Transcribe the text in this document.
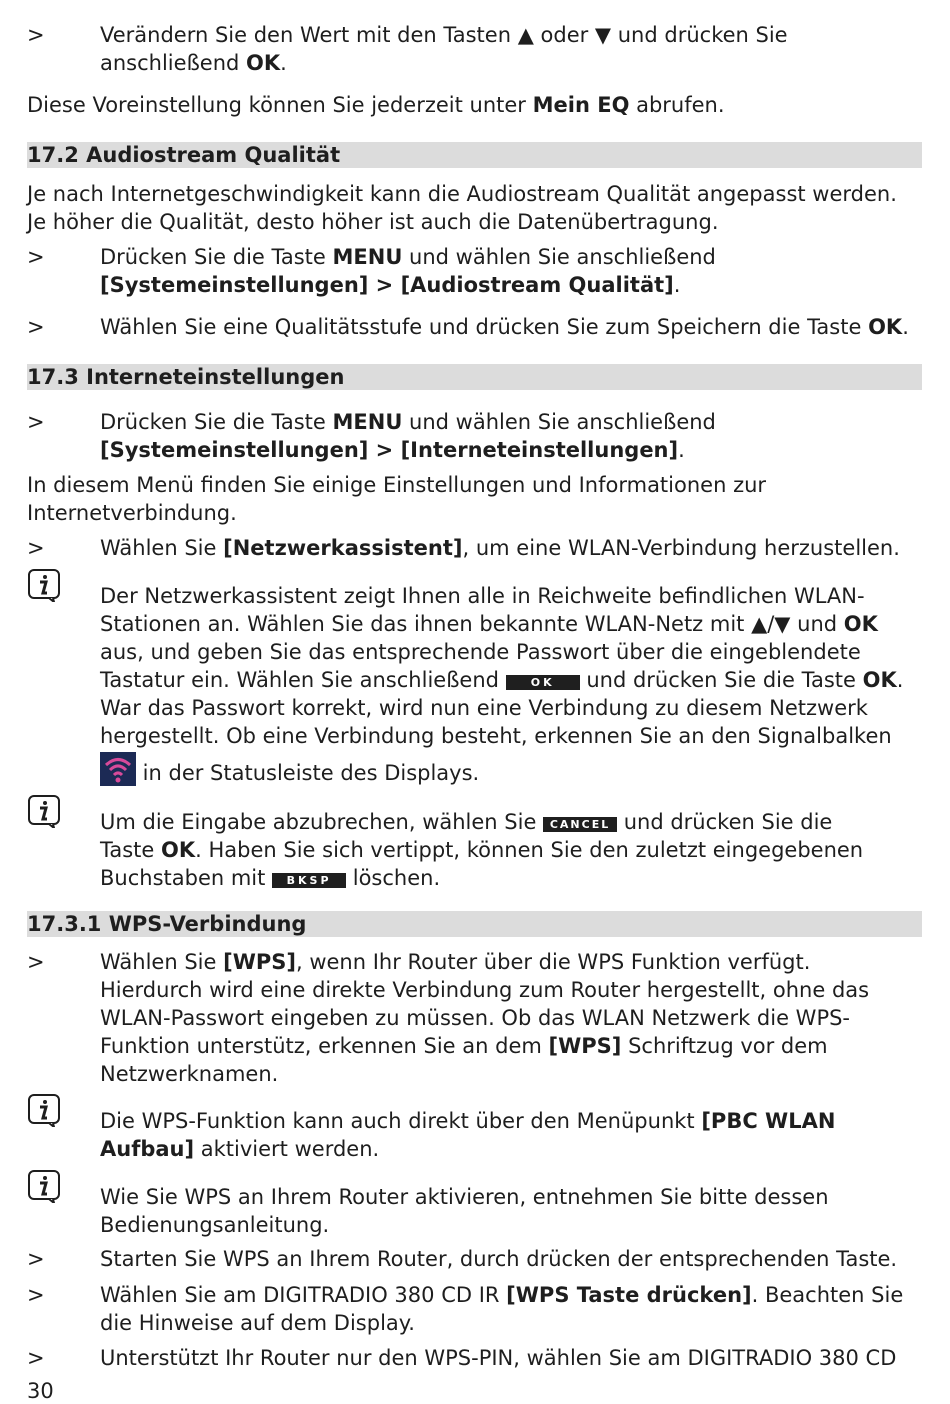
>	Verändern Sie den Wert mit den Tasten ▲ oder ▼ und drücken Sie
anschließend OK.
Diese Voreinstellung können Sie jederzeit unter Mein EQ abrufen.
17.2 Audiostream Qualität
Je nach Internetgeschwindigkeit kann die Audiostream Qualität angepasst werden.
Je höher die Qualität, desto höher ist auch die Datenübertragung.
>	Drücken Sie die Taste MENU und wählen Sie anschließend
[Systemeinstellungen] > [Audiostream Qualität].
>	Wählen Sie eine Qualitätsstufe und drücken Sie zum Speichern die Taste OK.
17.3 Interneteinstellungen
>	Drücken Sie die Taste MENU und wählen Sie anschließend
[Systemeinstellungen] > [Interneteinstellungen].
In diesem Menü finden Sie einige Einstellungen und Informationen zur
Internetverbindung.
>	Wählen Sie [Netzwerkassistent], um eine WLAN-Verbindung herzustellen.
Der Netzwerkassistent zeigt Ihnen alle in Reichweite befindlichen WLAN-
Stationen an. Wählen Sie das ihnen bekannte WLAN-Netz mit ▲/▼ und OK
aus, und geben Sie das entsprechende Passwort über die eingeblendete
Tastatur ein. Wählen Sie anschließend OK und drücken Sie die Taste OK.
War das Passwort korrekt, wird nun eine Verbindung zu diesem Netzwerk
hergestellt. Ob eine Verbindung besteht, erkennen Sie an den Signalbalken
in der Statusleiste des Displays.
Um die Eingabe abzubrechen, wählen Sie CANCEL und drücken Sie die
Taste OK. Haben Sie sich vertippt, können Sie den zuletzt eingegebenen
Buchstaben mit BKSP löschen.
17.3.1 WPS-Verbindung
>	Wählen Sie [WPS], wenn Ihr Router über die WPS Funktion verfügt.
Hierdurch wird eine direkte Verbindung zum Router hergestellt, ohne das
WLAN-Passwort eingeben zu müssen. Ob das WLAN Netzwerk die WPS-
Funktion unterstütz, erkennen Sie an dem [WPS] Schriftzug vor dem
Netzwerknamen.
Die WPS-Funktion kann auch direkt über den Menüpunkt [PBC WLAN
Aufbau] aktiviert werden.
Wie Sie WPS an Ihrem Router aktivieren, entnehmen Sie bitte dessen
Bedienungsanleitung.
>	Starten Sie WPS an Ihrem Router, durch drücken der entsprechenden Taste.
>	Wählen Sie am DIGITRADIO 380 CD IR [WPS Taste drücken]. Beachten Sie
die Hinweise auf dem Display.
>	Unterstützt Ihr Router nur den WPS-PIN, wählen Sie am DIGITRADIO 380 CD
30
